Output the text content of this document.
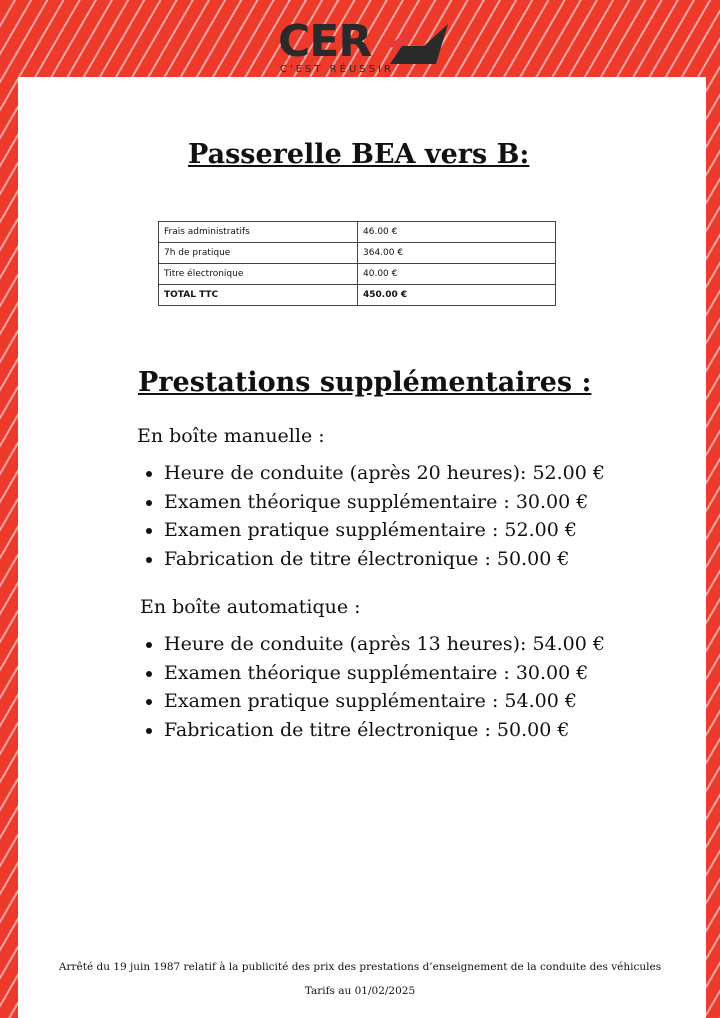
CER
C'EST RÉUSSIR
Passerelle BEA vers B:
Frais administratifs	46.00 €
7h de pratique	364.00 €
Titre électronique	40.00 €
TOTAL TTC	450.00 €
Prestations supplémentaires :

En boîte manuelle :

• Heure de conduite (après 20 heures): 52.00 €
• Examen théorique supplémentaire : 30.00 €
• Examen pratique supplémentaire : 52.00 €
• Fabrication de titre électronique : 50.00 €

En boîte automatique :

• Heure de conduite (après 13 heures): 54.00 €
• Examen théorique supplémentaire : 30.00 €
• Examen pratique supplémentaire : 54.00 €
• Fabrication de titre électronique : 50.00 €
Arrêté du 19 juin 1987 relatif à la publicité des prix des prestations d’enseignement de la conduite des véhicules
Tarifs au 01/02/2025
